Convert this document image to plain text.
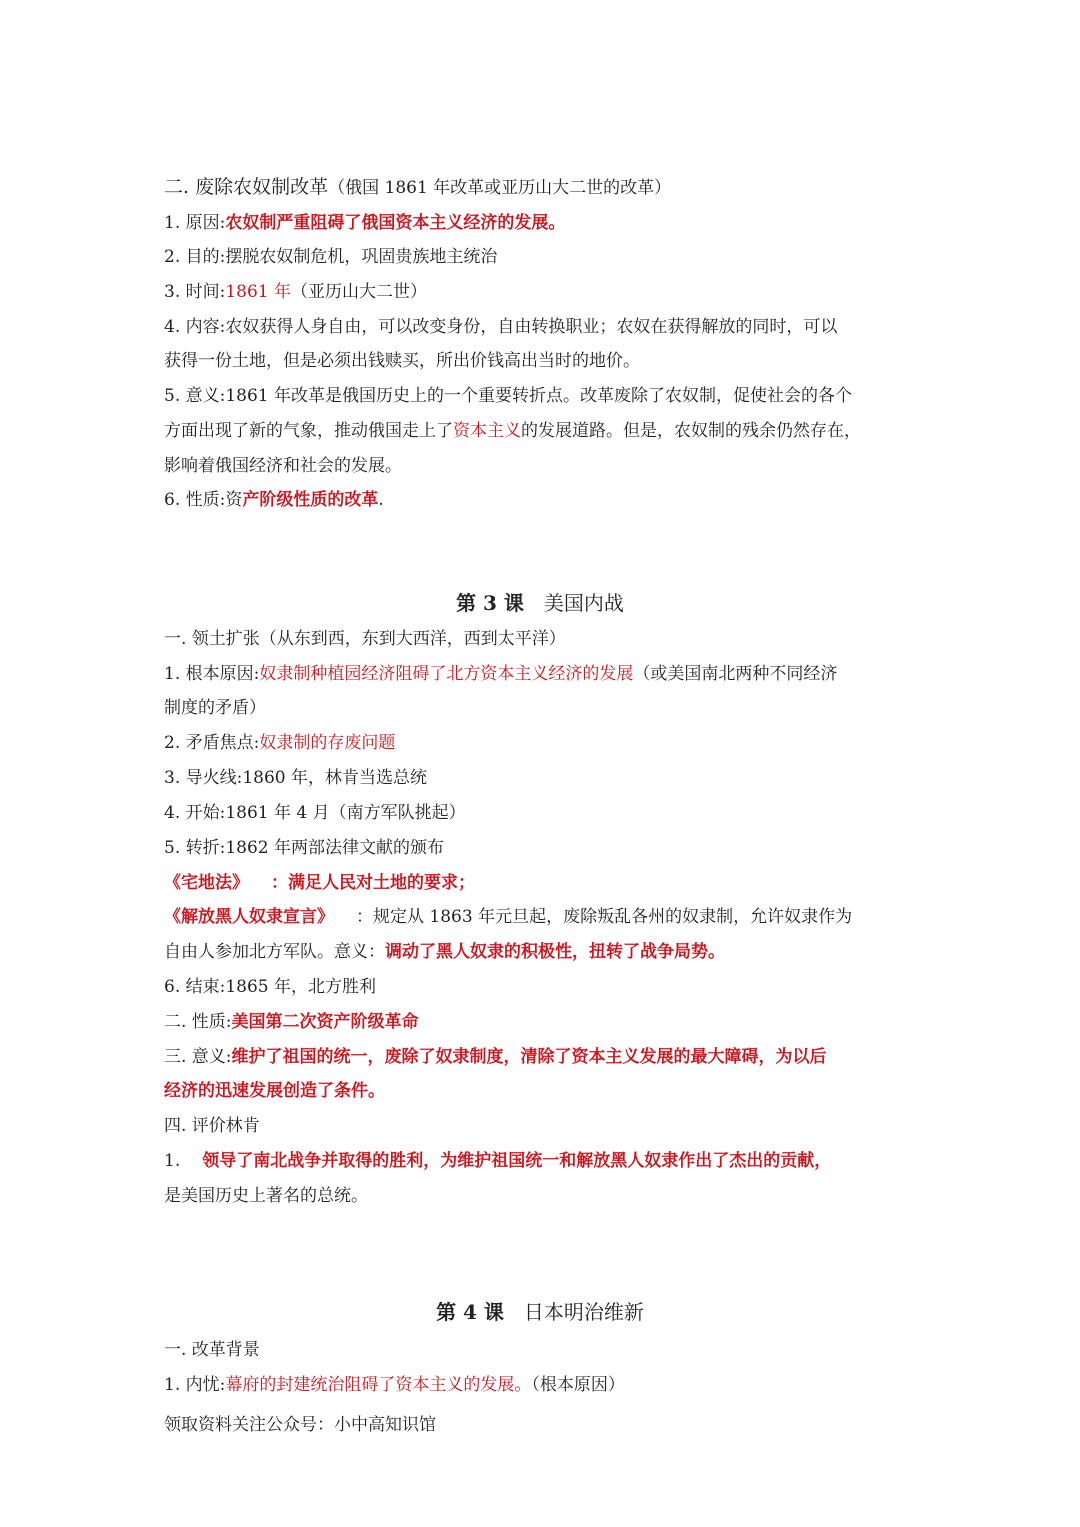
二. 废除农奴制改革（俄国 1861 年改革或亚历山大二世的改革）
1. 原因:农奴制严重阻碍了俄国资本主义经济的发展。
2. 目的:摆脱农奴制危机，巩固贵族地主统治
3. 时间:1861 年（亚历山大二世）
4. 内容:农奴获得人身自由，可以改变身份，自由转换职业；农奴在获得解放的同时，可以
获得一份土地，但是必须出钱赎买，所出价钱高出当时的地价。
5. 意义:1861 年改革是俄国历史上的一个重要转折点。改革废除了农奴制，促使社会的各个
方面出现了新的气象，推动俄国走上了资本主义的发展道路。但是，农奴制的残余仍然存在，
影响着俄国经济和社会的发展。
6. 性质:资产阶级性质的改革.
第 3 课 美国内战
一. 领土扩张（从东到西，东到大西洋，西到太平洋）
1. 根本原因:奴隶制种植园经济阻碍了北方资本主义经济的发展（或美国南北两种不同经济
制度的矛盾）
2. 矛盾焦点:奴隶制的存废问题
3. 导火线:1860 年，林肯当选总统
4. 开始:1861 年 4 月（南方军队挑起）
5. 转折:1862 年两部法律文献的颁布
《宅地法》 ：满足人民对土地的要求；
《解放黑人奴隶宣言》 ：规定从 1863 年元旦起，废除叛乱各州的奴隶制，允许奴隶作为
自由人参加北方军队。意义：调动了黑人奴隶的积极性，扭转了战争局势。
6. 结束:1865 年，北方胜利
二. 性质:美国第二次资产阶级革命
三. 意义:维护了祖国的统一，废除了奴隶制度，清除了资本主义发展的最大障碍，为以后
经济的迅速发展创造了条件。
四. 评价林肯
1. 领导了南北战争并取得的胜利，为维护祖国统一和解放黑人奴隶作出了杰出的贡献，
是美国历史上著名的总统。
第 4 课 日本明治维新
一. 改革背景
1. 内忧:幕府的封建统治阻碍了资本主义的发展。（根本原因）
领取资料关注公众号：小中高知识馆
